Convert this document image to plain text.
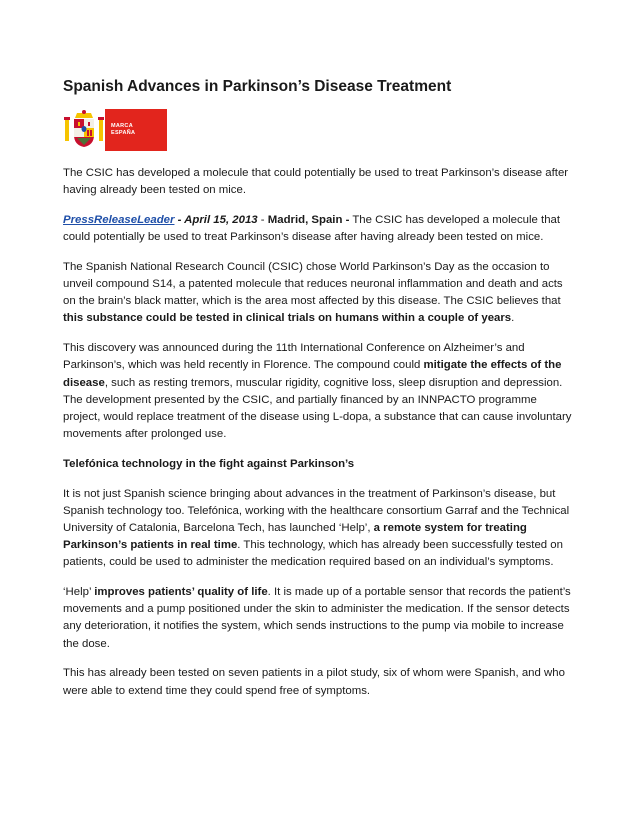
Spanish Advances in Parkinson’s Disease Treatment
MARCA
ESPAÑA

The CSIC has developed a molecule that could potentially be used to treat Parkinson’s disease after having already been tested on mice.

PressReleaseLeader - April 15, 2013 - Madrid, Spain - The CSIC has developed a molecule that could potentially be used to treat Parkinson’s disease after having already been tested on mice.

The Spanish National Research Council (CSIC) chose World Parkinson’s Day as the occasion to unveil compound S14, a patented molecule that reduces neuronal inflammation and death and acts on the brain’s black matter, which is the area most affected by this disease. The CSIC believes that this substance could be tested in clinical trials on humans within a couple of years.

This discovery was announced during the 11th International Conference on Alzheimer’s and Parkinson’s, which was held recently in Florence. The compound could mitigate the effects of the disease, such as resting tremors, muscular rigidity, cognitive loss, sleep disruption and depression. The development presented by the CSIC, and partially financed by an INNPACTO programme project, would replace treatment of the disease using L-dopa, a substance that can cause involuntary movements after prolonged use.

Telefónica technology in the fight against Parkinson’s

It is not just Spanish science bringing about advances in the treatment of Parkinson’s disease, but Spanish technology too. Telefónica, working with the healthcare consortium Garraf and the Technical University of Catalonia, Barcelona Tech, has launched ‘Help’, a remote system for treating Parkinson’s patients in real time. This technology, which has already been successfully tested on patients, could be used to administer the medication required based on an individual’s symptoms.

‘Help’ improves patients’ quality of life. It is made up of a portable sensor that records the patient’s movements and a pump positioned under the skin to administer the medication. If the sensor detects any deterioration, it notifies the system, which sends instructions to the pump via mobile to increase the dose.

This has already been tested on seven patients in a pilot study, six of whom were Spanish, and who were able to extend time they could spend free of symptoms.
